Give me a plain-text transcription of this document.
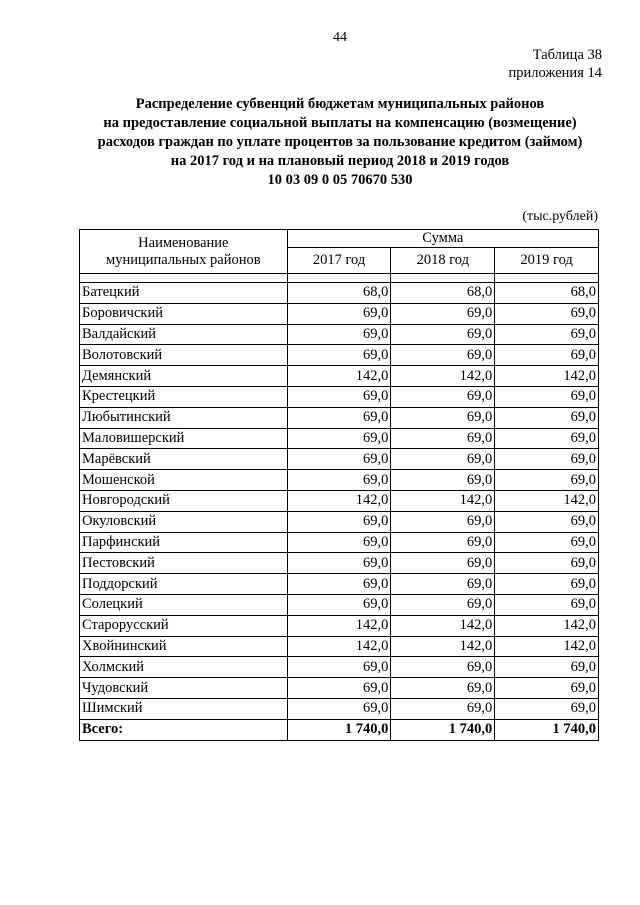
44
Таблица 38
приложения 14
Распределение субвенций бюджетам муниципальных районов
на предоставление социальной выплаты на компенсацию (возмещение)
расходов граждан по уплате процентов за пользование кредитом (займом)
на 2017 год и на плановый период 2018 и 2019 годов
10 03 09 0 05 70670 530
(тыс.рублей)
Наименование
муниципальных районов	Сумма		
	2017 год	2018 год	2019 год

Батецкий	68,0	68,0	68,0
Боровичский	69,0	69,0	69,0
Валдайский	69,0	69,0	69,0
Волотовский	69,0	69,0	69,0
Демянский	142,0	142,0	142,0
Крестецкий	69,0	69,0	69,0
Любытинский	69,0	69,0	69,0
Маловишерский	69,0	69,0	69,0
Марёвский	69,0	69,0	69,0
Мошенской	69,0	69,0	69,0
Новгородский	142,0	142,0	142,0
Окуловский	69,0	69,0	69,0
Парфинский	69,0	69,0	69,0
Пестовский	69,0	69,0	69,0
Поддорский	69,0	69,0	69,0
Солецкий	69,0	69,0	69,0
Старорусский	142,0	142,0	142,0
Хвойнинский	142,0	142,0	142,0
Холмский	69,0	69,0	69,0
Чудовский	69,0	69,0	69,0
Шимский	69,0	69,0	69,0
Всего:	1 740,0	1 740,0	1 740,0
